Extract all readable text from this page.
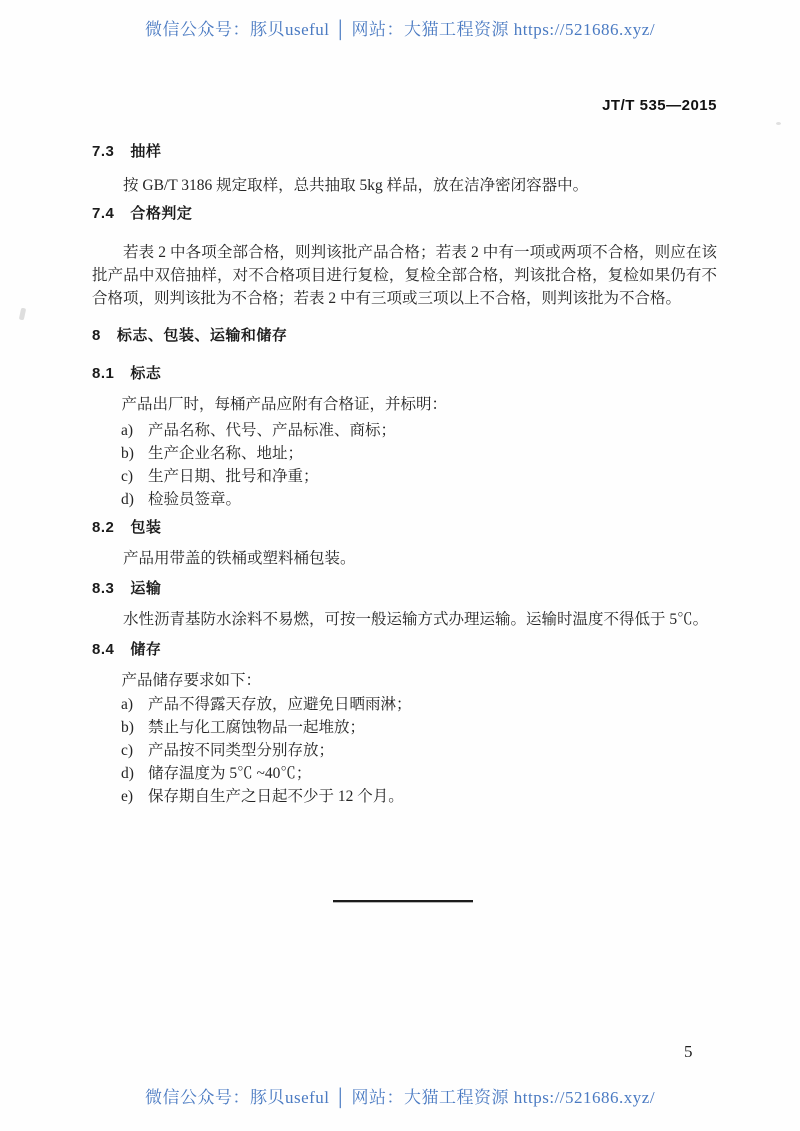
微信公众号：豚贝useful │ 网站：大猫工程资源 https://521686.xyz/
JT/T 535—2015
7.3 抽样
按 GB/T 3186 规定取样，总共抽取 5kg 样品，放在洁净密闭容器中。
7.4 合格判定
若表 2 中各项全部合格，则判该批产品合格；若表 2 中有一项或两项不合格，则应在该批产品中双倍抽样，对不合格项目进行复检，复检全部合格，判该批合格，复检如果仍有不合格项，则判该批为不合格；若表 2 中有三项或三项以上不合格，则判该批为不合格。
8 标志、包装、运输和储存
8.1 标志
产品出厂时，每桶产品应附有合格证，并标明：
a) 产品名称、代号、产品标准、商标；
b) 生产企业名称、地址；
c) 生产日期、批号和净重；
d) 检验员签章。
8.2 包装
产品用带盖的铁桶或塑料桶包装。
8.3 运输
水性沥青基防水涂料不易燃，可按一般运输方式办理运输。运输时温度不得低于 5℃。
8.4 储存
产品储存要求如下：
a) 产品不得露天存放，应避免日晒雨淋；
b) 禁止与化工腐蚀物品一起堆放；
c) 产品按不同类型分别存放；
d) 储存温度为 5℃ ~40℃；
e) 保存期自生产之日起不少于 12 个月。
5
微信公众号：豚贝useful │ 网站：大猫工程资源 https://521686.xyz/
